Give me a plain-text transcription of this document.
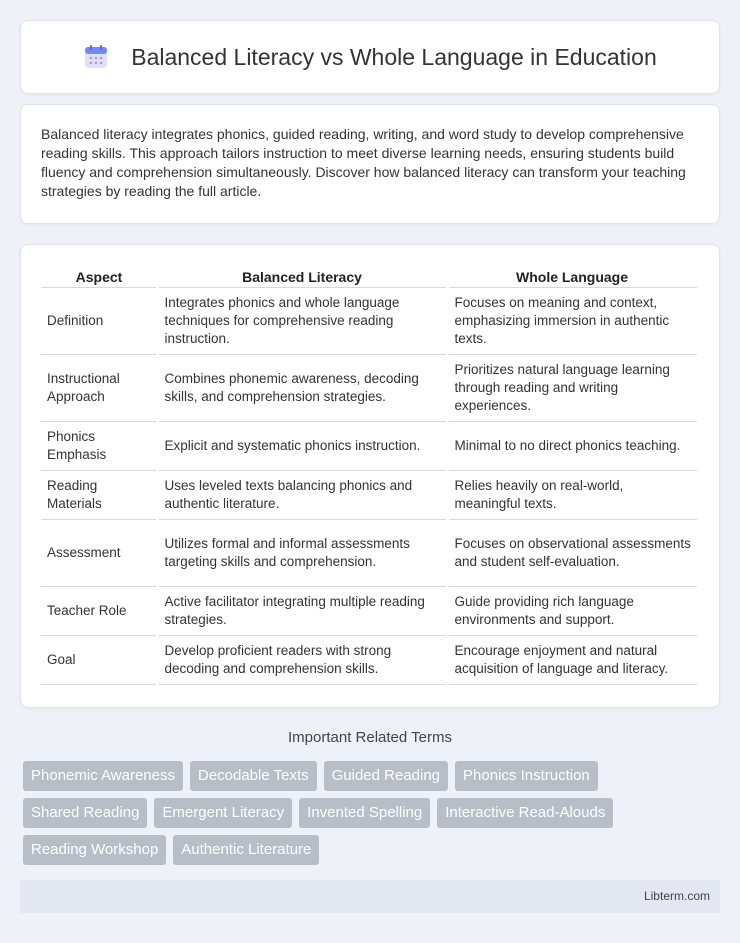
Balanced Literacy vs Whole Language in Education

Balanced literacy integrates phonics, guided reading, writing, and word study to develop comprehensive reading skills. This approach tailors instruction to meet diverse learning needs, ensuring students build fluency and comprehension simultaneously. Discover how balanced literacy can transform your teaching strategies by reading the full article.

Aspect	Balanced Literacy	Whole Language
Definition	Integrates phonics and whole language techniques for comprehensive reading instruction.	Focuses on meaning and context, emphasizing immersion in authentic texts.
Instructional Approach	Combines phonemic awareness, decoding skills, and comprehension strategies.	Prioritizes natural language learning through reading and writing experiences.
Phonics Emphasis	Explicit and systematic phonics instruction.	Minimal to no direct phonics teaching.
Reading Materials	Uses leveled texts balancing phonics and authentic literature.	Relies heavily on real-world, meaningful texts.
Assessment	Utilizes formal and informal assessments targeting skills and comprehension.	Focuses on observational assessments and student self-evaluation.
Teacher Role	Active facilitator integrating multiple reading strategies.	Guide providing rich language environments and support.
Goal	Develop proficient readers with strong decoding and comprehension skills.	Encourage enjoyment and natural acquisition of language and literacy.
Important Related Terms
Phonemic Awareness	Decodable Texts	Guided Reading	Phonics Instruction
Shared Reading	Emergent Literacy	Invented Spelling	Interactive Read-Alouds
Reading Workshop	Authentic Literature
Libterm.com
